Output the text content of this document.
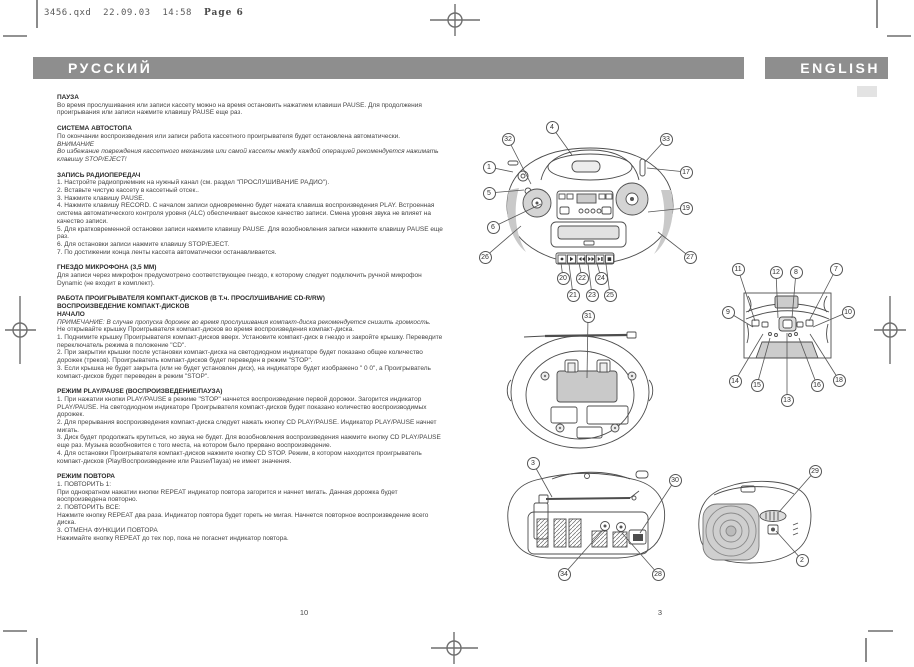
3456.qxd  22.09.03  14:58 Page 6
РУССКИЙ	ENGLISH
ПАУЗА
Во время прослушивания или записи кассету можно на время остановить нажатием клавиши PAUSE. Для продолжения проигрывания или записи нажмите клавишу PAUSE еще раз.
СИСТЕМА АВТОСТОПА
По окончании воспроизведения или записи работа кассетного проигрывателя будет остановлена автоматически.
ВНИМАНИЕ
Во избежание повреждения кассетного механизма или самой кассеты между каждой операцией рекомендуется нажимать клавишу STOP/EJECT!
ЗАПИСЬ РАДИОПЕРЕДАЧ
1. Настройте радиоприемник на нужный канал (см. раздел "ПРОСЛУШИВАНИЕ РАДИО").
2. Вставьте чистую кассету в кассетный отсек..
3. Нажмите клавишу PAUSE.
4. Нажмите клавишу RECORD. С началом записи одновременно будет нажата клавиша воспроизведения PLAY. Встроенная система автоматического контроля уровня (ALC) обеспечивает высокое качество записи. Смена уровня звука не влияет на качество записи.
5. Для кратковременной остановки записи нажмите клавишу PAUSE. Для возобновления записи нажмите клавишу PAUSE еще раз.
6. Для остановки записи нажмите клавишу STOP/EJECT.
7. По достижении конца ленты кассета автоматически останавливается.
ГНЕЗДО МИКРОФОНА (3,5 ММ)
Для записи через микрофон предусмотрено соответствующее гнездо, к которому следует подключить ручной микрофон Dynamic (не входит в комплект).
РАБОТА ПРОИГРЫВАТЕЛЯ КОМПАКТ-ДИСКОВ (В Т.ч. ПРОСЛУШИВАНИЕ CD-R/RW)
ВОСПРОИЗВЕДЕНИЕ КОМПАКТ-ДИСКОВ
НАЧАЛО
ПРИМЕЧАНИЕ: В случае пропуска дорожек во время прослушивания компакт-диска рекомендуется снизить громкость.
Не открывайте крышку Проигрывателя компакт-дисков во время воспроизведения компакт-диска.
1. Поднимите крышку Проигрывателя компакт-дисков вверх. Установите компакт-диск в гнездо и закройте крышку. Переведите переключатель режима в положение "CD".
2. При закрытии крышки после установки компакт-диска на светодиодном индикаторе будет показано общее количество дорожек (треков). Проигрыватель компакт-дисков будет переведен в режим "STOP".
3. Если крышка не будет закрыта (или не будет установлен диск), на индикаторе будет изображено " 0 0", а Проигрыватель компакт-дисков будет переведен в режим "STOP".
РЕЖИМ PLAY/PAUSE (ВОСПРОИЗВЕДЕНИЕ/ПАУЗА)
1. При нажатии кнопки PLAY/PAUSE в режиме "STOP" начнется воспроизведение первой дорожки. Загорится индикатор PLAY/PAUSE. На светодиодном индикаторе Проигрывателя компакт-дисков будет показано количество воспроизводимых дорожек.
2. Для прерывания воспроизведения компакт-диска следует нажать кнопку CD PLAY/PAUSE. Индикатор PLAY/PAUSE начнет мигать.
3. Диск будет продолжать крутиться, но звука не будет. Для возобновления воспроизведения нажмите кнопку CD PLAY/PAUSE еще раз. Музыка возобновится с того места, на котором было прервано воспроизведение.
4. Для остановки Проигрывателя компакт-дисков нажмите кнопку CD STOP. Режим, в котором находится проигрыватель компакт-дисков (Play/Воспроизведение или Pause/Пауза) не имеет значения.
РЕЖИМ ПОВТОРА
1. ПОВТОРИТЬ 1:
При однократном нажатии кнопки REPEAT индикатор повтора загорится и начнет мигать. Данная дорожка будет воспроизведена повторно.
2. ПОВТОРИТЬ ВСЕ:
Нажмите кнопку REPEAT два раза. Индикатор повтора будет гореть не мигая. Начнется повторное воспроизведение всего диска.
3. ОТМЕНА ФУНКЦИИ ПОВТОРА
Нажимайте кнопку REPEAT до тех пор, пока не погаснет индикатор повтора.
10	3
32
4
33
1
5
6
17
19
26	27
20
21
22
23
24
25
11	12	8	7
9	10
14
15
13
16
18
31
3
30
34	28
29
2
